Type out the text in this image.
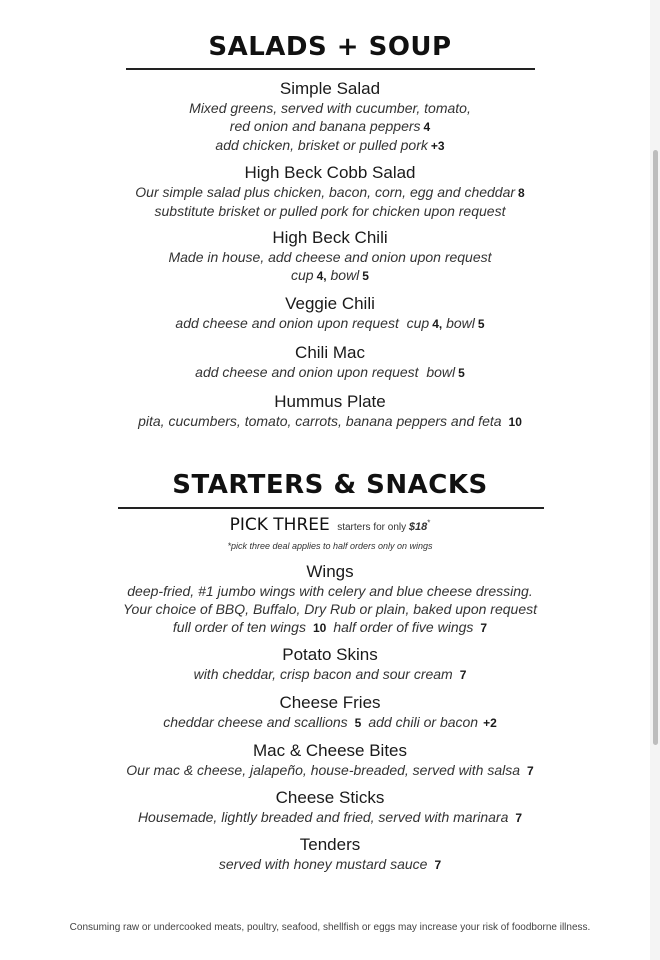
SALADS + SOUP
Simple Salad
Mixed greens, served with cucumber, tomato,
red onion and banana peppers 4
add chicken, brisket or pulled pork +3
High Beck Cobb Salad
Our simple salad plus chicken, bacon, corn, egg and cheddar 8
substitute brisket or pulled pork for chicken upon request
High Beck Chili
Made in house, add cheese and onion upon request
cup 4, bowl 5
Veggie Chili
add cheese and onion upon request  cup 4, bowl 5
Chili Mac
add cheese and onion upon request  bowl 5
Hummus Plate
pita, cucumbers, tomato, carrots, banana peppers and feta 10
STARTERS & SNACKS
PICK THREE starters for only $18*
*pick three deal applies to half orders only on wings
Wings
deep-fried, #1 jumbo wings with celery and blue cheese dressing.
Your choice of BBQ, Buffalo, Dry Rub or plain, baked upon request
full order of ten wings 10 half order of five wings 7
Potato Skins
with cheddar, crisp bacon and sour cream 7
Cheese Fries
cheddar cheese and scallions 5 add chili or bacon +2
Mac & Cheese Bites
Our mac & cheese, jalapeño, house-breaded, served with salsa 7
Cheese Sticks
Housemade, lightly breaded and fried, served with marinara 7
Tenders
served with honey mustard sauce 7
Consuming raw or undercooked meats, poultry, seafood, shellfish or eggs may increase your risk of foodborne illness.
